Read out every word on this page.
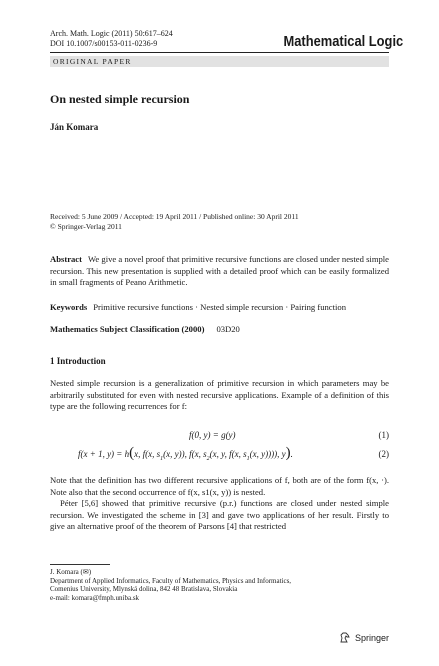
Arch. Math. Logic (2011) 50:617–624
DOI 10.1007/s00153-011-0236-9	Mathematical Logic
ORIGINAL PAPER
On nested simple recursion
Ján Komara
Received: 5 June 2009 / Accepted: 19 April 2011 / Published online: 30 April 2011
© Springer-Verlag 2011
Abstract We give a novel proof that primitive recursive functions are closed under nested simple recursion. This new presentation is supplied with a detailed proof which can be easily formalized in small fragments of Peano Arithmetic.
Keywords Primitive recursive functions · Nested simple recursion · Pairing function
Mathematics Subject Classification (2000) 03D20
1 Introduction
Nested simple recursion is a generalization of primitive recursion in which parameters may be arbitrarily substituted for even with nested recursive applications. Example of a definition of this type are the following recurrences for f:
f(0, y) = g(y)	(1)
f(x + 1, y) = h(x, f(x, $s_1(x$, y)), f(x, $s_2(x$, y, f(x, $s_1(x$, y)))), y).	(2)
Note that the definition has two different recursive applications of f, both are of the form f(x, ·). Note also that the second occurrence of f(x, s1(x, y)) is nested.
Péter [5,6] showed that primitive recursive (p.r.) functions are closed under nested simple recursion. We investigated the scheme in [3] and gave two applications of her result. Firstly to give an alternative proof of the theorem of Parsons [4] that restricted
J. Komara (✉)
Department of Applied Informatics, Faculty of Mathematics, Physics and Informatics,
Comenius University, Mlynská dolina, 842 48 Bratislava, Slovakia
e-mail: komara@fmph.uniba.sk
Springer
